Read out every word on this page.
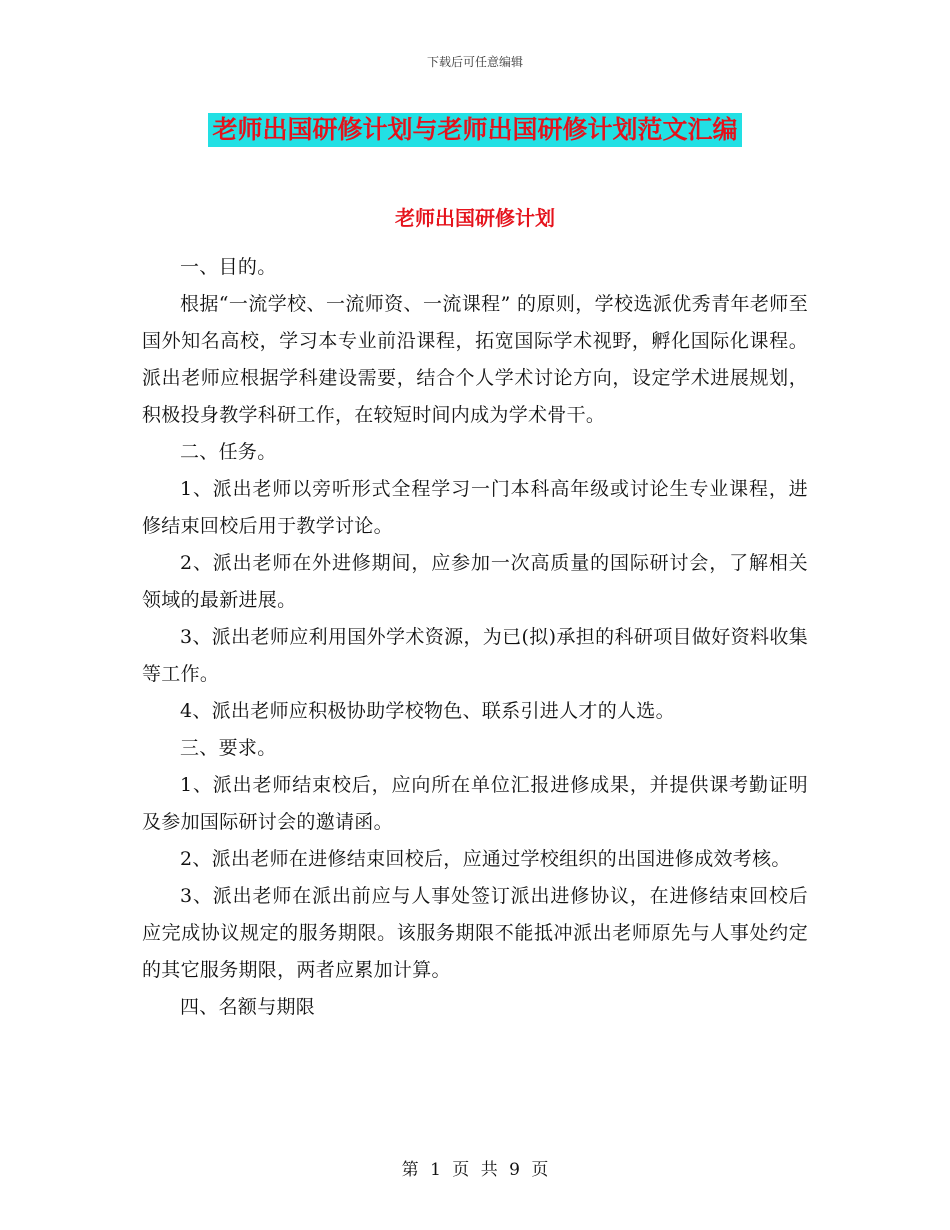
下载后可任意编辑
老师出国研修计划与老师出国研修计划范文汇编
老师出国研修计划

一、目的。

根据“一流学校、一流师资、一流课程” 的原则，学校选派优秀青年老师至国外知名高校，学习本专业前沿课程，拓宽国际学术视野，孵化国际化课程。派出老师应根据学科建设需要，结合个人学术讨论方向，设定学术进展规划，积极投身教学科研工作，在较短时间内成为学术骨干。

二、任务。

1、派出老师以旁听形式全程学习一门本科高年级或讨论生专业课程，进修结束回校后用于教学讨论。

2、派出老师在外进修期间，应参加一次高质量的国际研讨会，了解相关领域的最新进展。

3、派出老师应利用国外学术资源，为已(拟)承担的科研项目做好资料收集等工作。

4、派出老师应积极协助学校物色、联系引进人才的人选。

三、要求。

1、派出老师结束校后，应向所在单位汇报进修成果，并提供课考勤证明及参加国际研讨会的邀请函。

2、派出老师在进修结束回校后，应通过学校组织的出国进修成效考核。

3、派出老师在派出前应与人事处签订派出进修协议，在进修结束回校后应完成协议规定的服务期限。该服务期限不能抵冲派出老师原先与人事处约定的其它服务期限，两者应累加计算。

四、名额与期限

第 1 页 共 9 页
